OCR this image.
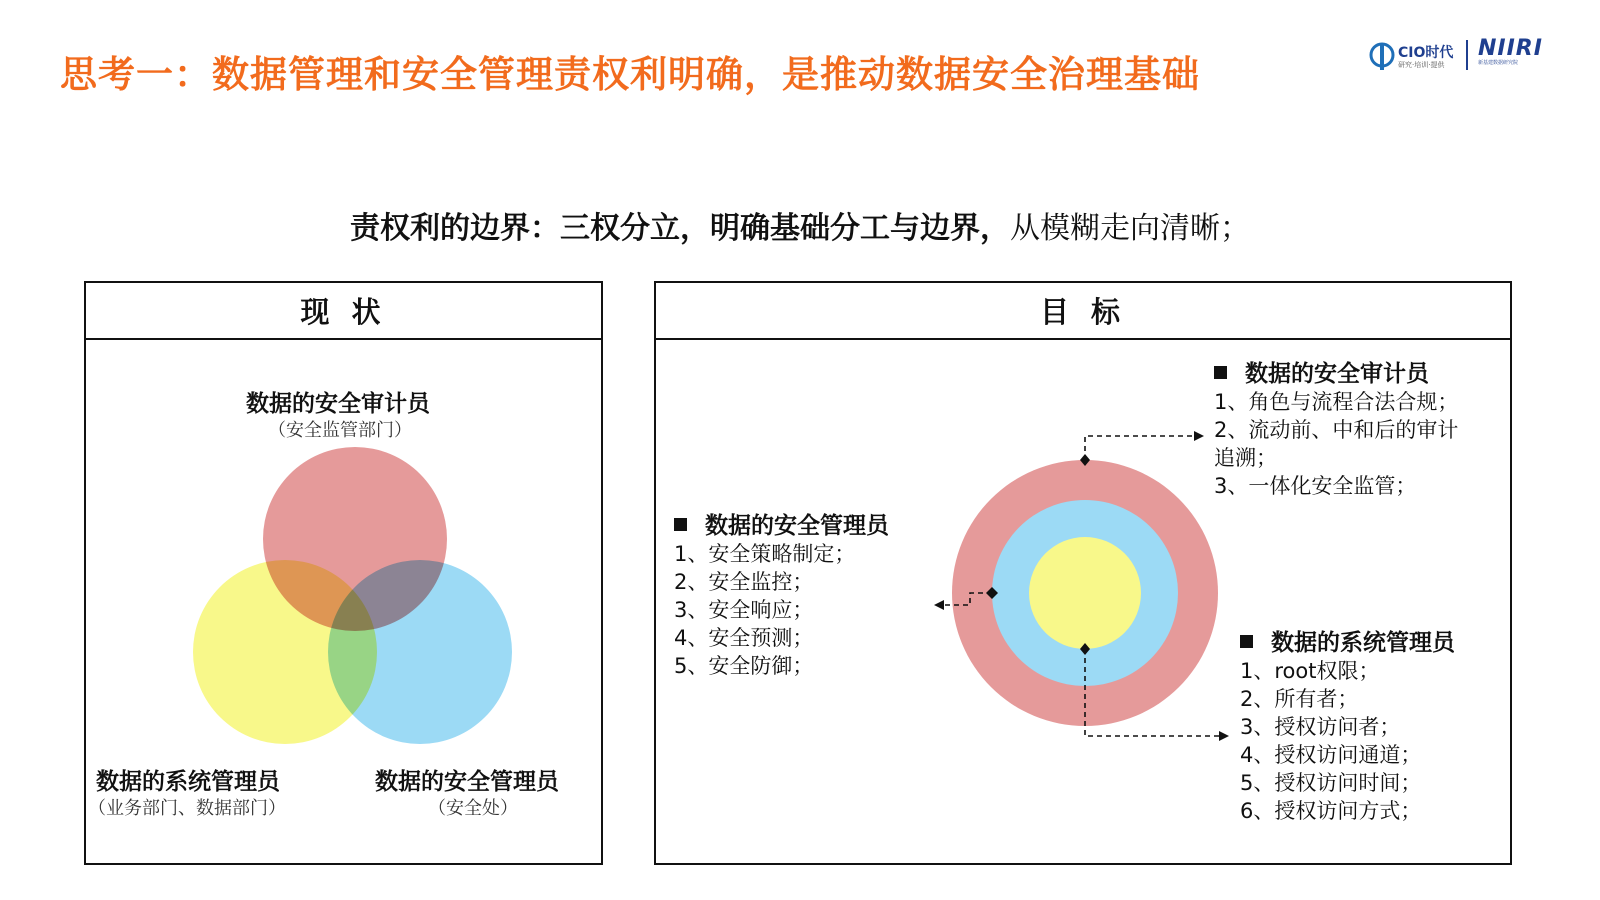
思考一：数据管理和安全管理责权利明确，是推动数据安全治理基础	CIO时代
研究·培训·提供
NIIRI
新基建数据研究院
责权利的边界：三权分立，明确基础分工与边界，从模糊走向清晰；
现 状
数据的安全审计员
（安全监管部门）
数据的系统管理员
（业务部门、数据部门）
数据的安全管理员
（安全处）
目 标
数据的安全审计员
1、角色与流程合法合规；
2、流动前、中和后的审计
追溯；
3、一体化安全监管；
数据的安全管理员
1、安全策略制定；
2、安全监控；
3、安全响应；
4、安全预测；
5、安全防御；
数据的系统管理员
1、root权限；
2、所有者；
3、授权访问者；
4、授权访问通道；
5、授权访问时间；
6、授权访问方式；
